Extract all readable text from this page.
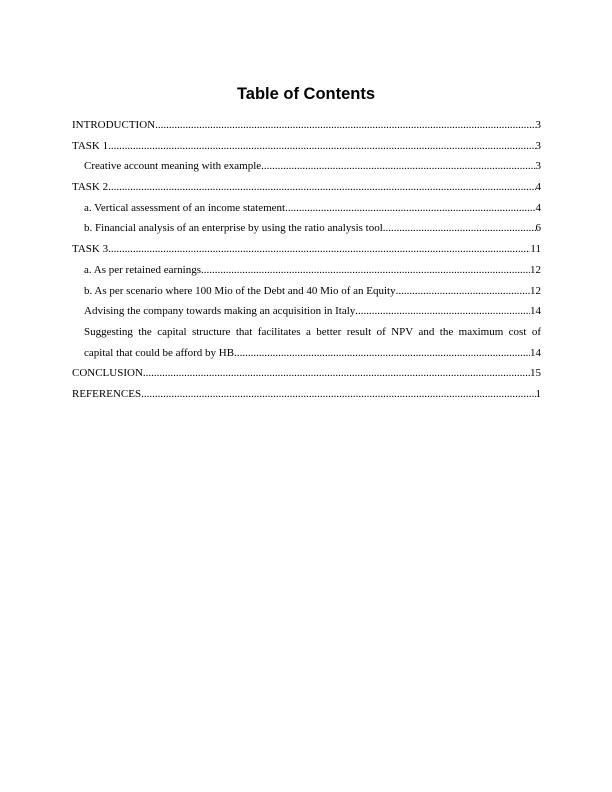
Table of Contents
INTRODUCTION .....	3
TASK 1 .....	3
Creative account meaning with example .....	3
TASK 2 .....	4
a. Vertical assessment of an income statement .....	4
b. Financial analysis of an enterprise by using the ratio analysis tool .....	6
TASK 3 .....	11
a. As per retained earnings .....	12
b. As per scenario where 100 Mio of the Debt and 40 Mio of an Equity .....	12
Advising the company towards making an acquisition in Italy .....	14
Suggesting the capital structure that facilitates a better result of NPV and the maximum cost of
capital that could be afford by HB .....	14
CONCLUSION .....	15
REFERENCES .....	1
